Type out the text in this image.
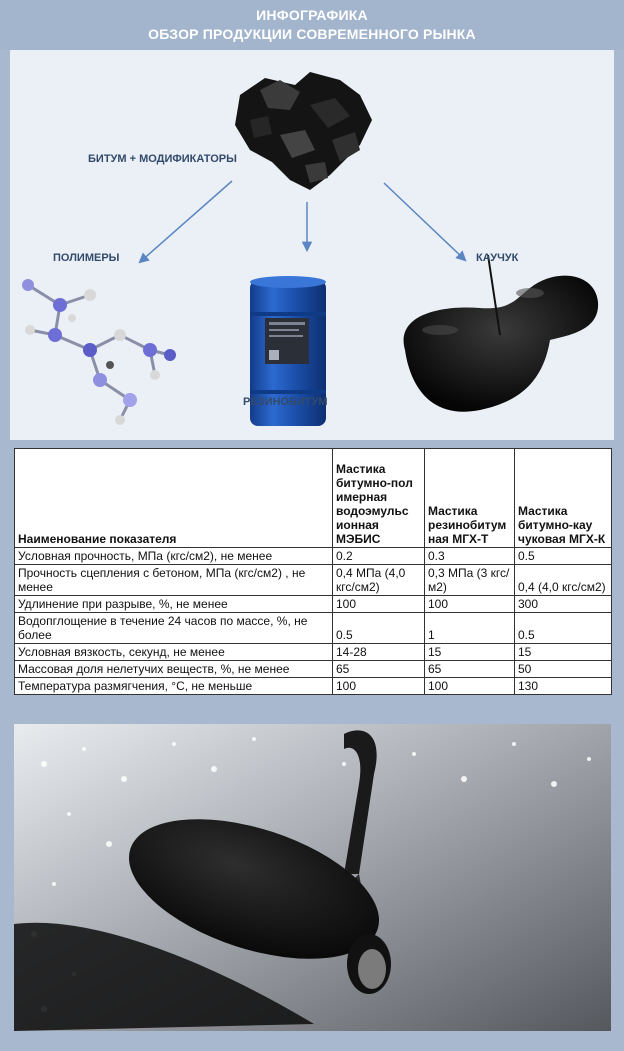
ИНФОГРАФИКА
ОБЗОР ПРОДУКЦИИ СОВРЕМЕННОГО РЫНКА
БИТУМ + МОДИФИКАТОРЫ
ПОЛИМЕРЫ	КАУЧУК
РЕЗИНОБИТУМ
Наименование показателя	Мастика битумно-пол имерная водоэмульс ионная МЭБИС	Мастика резинобитум ная МГХ-Т	Мастика битумно-кау чуковая МГХ-К
Условная прочность, МПа (кгс/см2), не менее	0.2	0.3	0.5
Прочность сцепления с бетоном, МПа (кгс/см2) , не менее	0,4 МПа (4,0 кгс/см2)	0,3 МПа (3 кгс/м2)	0,4 (4,0 кгс/см2)
Удлинение при разрыве, %, не менее	100	100	300
Водопглощение в течение 24 часов по массе, %, не более	0.5	1	0.5
Условная вязкость, секунд, не менее	14-28	15	15
Массовая доля нелетучих веществ, %, не менее	65	65	50
Температура размягчения, °С, не меньше	100	100	130
